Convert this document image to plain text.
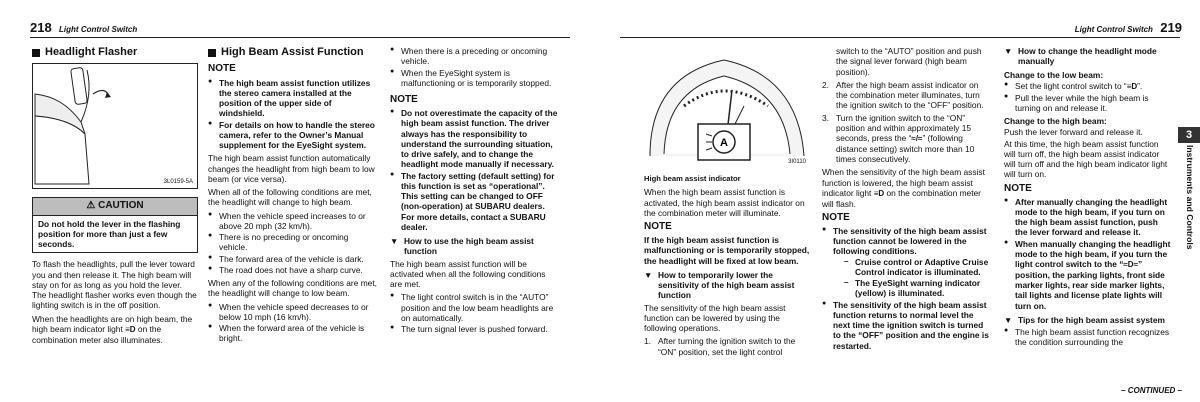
218 Light Control Switch
Headlight Flasher
3L0159-5A
⚠ CAUTION
Do not hold the lever in the flashing position for more than just a few seconds.

To flash the headlights, pull the lever toward you and then release it. The high beam will stay on for as long as you hold the lever. The headlight flasher works even though the lighting switch is in the off position.

When the headlights are on high beam, the high beam indicator light ≡D on the combination meter also illuminates.

High Beam Assist Function
NOTE
● The high beam assist function utilizes the stereo camera installed at the position of the upper side of windshield.
● For details on how to handle the stereo camera, refer to the Owner’s Manual supplement for the EyeSight system.

The high beam assist function automatically changes the headlight from high beam to low beam (or vice versa).

When all of the following conditions are met, the headlight will change to high beam.

● When the vehicle speed increases to or above 20 mph (32 km/h).
● There is no preceding or oncoming vehicle.
● The forward area of the vehicle is dark.
● The road does not have a sharp curve.

When any of the following conditions are met, the headlight will change to low beam.

● When the vehicle speed decreases to or below 10 mph (16 km/h).
● When the forward area of the vehicle is bright.
● When there is a preceding or oncoming vehicle.
● When the EyeSight system is malfunctioning or is temporarily stopped.
NOTE
● Do not overestimate the capacity of the high beam assist function. The driver always has the responsibility to understand the surrounding situation, to drive safely, and to change the headlight mode manually if necessary.
● The factory setting (default setting) for this function is set as “operational”. This setting can be changed to OFF (non-operation) at SUBARU dealers. For more details, contact a SUBARU dealer.
▼ How to use the high beam assist function

The high beam assist function will be activated when all the following conditions are met.

● The light control switch is in the “AUTO” position and the low beam headlights are on automatically.
● The turn signal lever is pushed forward.
Light Control Switch 219
A
3I0110
High beam assist indicator

When the high beam assist function is activated, the high beam assist indicator on the combination meter will illuminate.

NOTE

If the high beam assist function is malfunctioning or is temporarily stopped, the headlight will be fixed at low beam.

▼ How to temporarily lower the sensitivity of the high beam assist function

The sensitivity of the high beam assist function can be lowered by using the following operations.

1. After turning the ignition switch to the “ON” position, set the light control

switch to the “AUTO” position and push the signal lever forward (high beam position).

2. After the high beam assist indicator on the combination meter illuminates, turn the ignition switch to the “OFF” position.
3. Turn the ignition switch to the “ON” position and within approximately 15 seconds, press the “≈/≈” (following distance setting) switch more than 10 times consecutively.

When the sensitivity of the high beam assist function is lowered, the high beam assist indicator light ≡D on the combination meter will flash.

NOTE
● The sensitivity of the high beam assist function cannot be lowered in the following conditions.
– Cruise control or Adaptive Cruise Control indicator is illuminated.
– The EyeSight warning indicator (yellow) is illuminated.
● The sensitivity of the high beam assist function returns to normal level the next time the ignition switch is turned to the “OFF” position and the engine is restarted.
▼ How to change the headlight mode manually
Change to the low beam:
● Set the light control switch to “≡D”.
● Pull the lever while the high beam is turning on and release it.
Change to the high beam:

Push the lever forward and release it.

At this time, the high beam assist function will turn off, the high beam assist indicator will turn off and the high beam indicator light will turn on.

NOTE
● After manually changing the headlight mode to the high beam, if you turn on the high beam assist function, push the lever forward and release it.
● When manually changing the headlight mode to the high beam, if you turn the light control switch to the “≈D≈” position, the parking lights, front side marker lights, rear side marker lights, tail lights and license plate lights will turn on.
▼ Tips for the high beam assist system
● The high beam assist function recognizes the condition surrounding the
3
Instruments and Controls
– CONTINUED –
